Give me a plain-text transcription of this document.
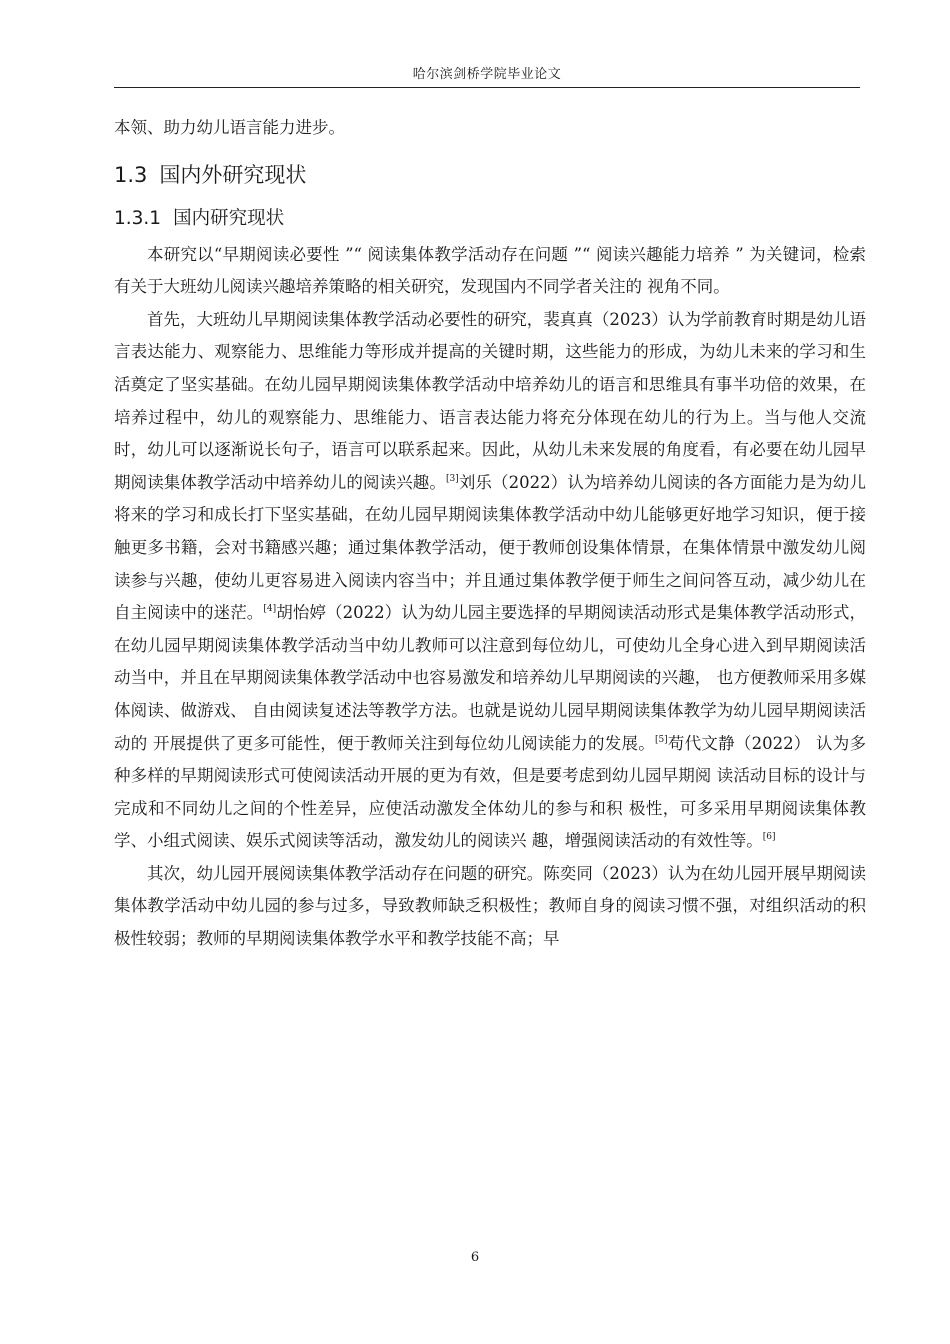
哈尔滨剑桥学院毕业论文

本领、助力幼儿语言能力进步。

1.3 国内外研究现状
1.3.1 国内研究现状

本研究以“早期阅读必要性 ”“ 阅读集体教学活动存在问题 ”“ 阅读兴趣能力培养 ” 为关键词，检索有关于大班幼儿阅读兴趣培养策略的相关研究，发现国内不同学者关注的 视角不同。

首先，大班幼儿早期阅读集体教学活动必要性的研究，裴真真（2023）认为学前教育时期是幼儿语言表达能力、观察能力、思维能力等形成并提高的关键时期，这些能力的形成，为幼儿未来的学习和生活奠定了坚实基础。在幼儿园早期阅读集体教学活动中培养幼儿的语言和思维具有事半功倍的效果，在培养过程中，幼儿的观察能力、思维能力、语言表达能力将充分体现在幼儿的行为上。当与他人交流时，幼儿可以逐渐说长句子，语言可以联系起来。因此，从幼儿未来发展的角度看，有必要在幼儿园早期阅读集体教学活动中培养幼儿的阅读兴趣。[3]刘乐（2022）认为培养幼儿阅读的各方面能力是为幼儿将来的学习和成长打下坚实基础，在幼儿园早期阅读集体教学活动中幼儿能够更好地学习知识，便于接触更多书籍，会对书籍感兴趣；通过集体教学活动，便于教师创设集体情景，在集体情景中激发幼儿阅读参与兴趣，使幼儿更容易进入阅读内容当中；并且通过集体教学便于师生之间问答互动，减少幼儿在自主阅读中的迷茫。[4]胡怡婷（2022）认为幼儿园主要选择的早期阅读活动形式是集体教学活动形式，在幼儿园早期阅读集体教学活动当中幼儿教师可以注意到每位幼儿，可使幼儿全身心进入到早期阅读活动当中，并且在早期阅读集体教学活动中也容易激发和培养幼儿早期阅读的兴趣， 也方便教师采用多媒体阅读、做游戏、 自由阅读复述法等教学方法。也就是说幼儿园早期阅读集体教学为幼儿园早期阅读活动的 开展提供了更多可能性，便于教师关注到每位幼儿阅读能力的发展。[5]苟代文静（2022） 认为多种多样的早期阅读形式可使阅读活动开展的更为有效，但是要考虑到幼儿园早期阅 读活动目标的设计与完成和不同幼儿之间的个性差异，应使活动激发全体幼儿的参与和积 极性，可多采用早期阅读集体教学、小组式阅读、娱乐式阅读等活动，激发幼儿的阅读兴 趣，增强阅读活动的有效性等。[6]

其次，幼儿园开展阅读集体教学活动存在问题的研究。陈奕同（2023）认为在幼儿园开展早期阅读集体教学活动中幼儿园的参与过多，导致教师缺乏积极性；教师自身的阅读习惯不强，对组织活动的积极性较弱；教师的早期阅读集体教学水平和教学技能不高；早

6
